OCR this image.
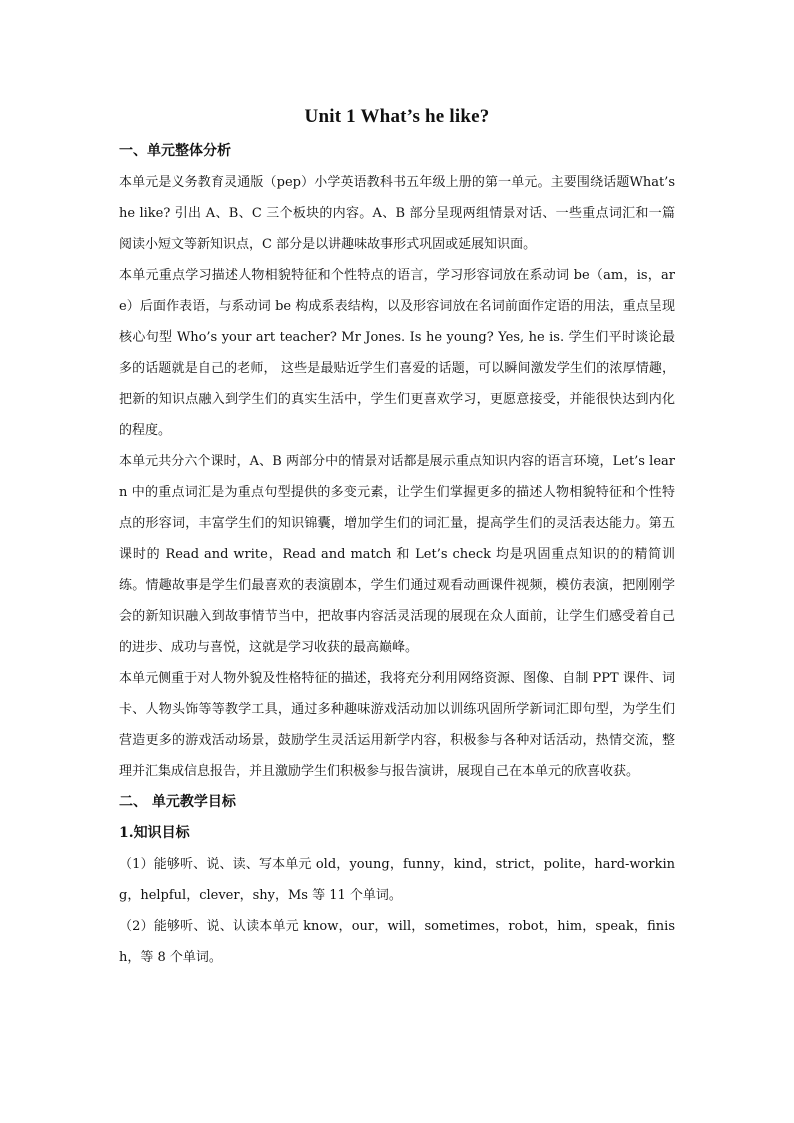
Unit 1 What’s he like?

一、单元整体分析

本单元是义务教育灵通版（pep）小学英语教科书五年级上册的第一单元。主要围绕话题What’s he like? 引出 A、B、C 三个板块的内容。A、B 部分呈现两组情景对话、一些重点词汇和一篇阅读小短文等新知识点，C 部分是以讲趣味故事形式巩固或延展知识面。

本单元重点学习描述人物相貌特征和个性特点的语言，学习形容词放在系动词 be（am，is，are）后面作表语，与系动词 be 构成系表结构，以及形容词放在名词前面作定语的用法，重点呈现核心句型 Who’s your art teacher? Mr Jones. Is he young? Yes, he is. 学生们平时谈论最多的话题就是自己的老师， 这些是最贴近学生们喜爱的话题，可以瞬间激发学生们的浓厚情趣，把新的知识点融入到学生们的真实生活中，学生们更喜欢学习，更愿意接受，并能很快达到内化的程度。

本单元共分六个课时，A、B 两部分中的情景对话都是展示重点知识内容的语言环境，Let’s learn 中的重点词汇是为重点句型提供的多变元素，让学生们掌握更多的描述人物相貌特征和个性特点的形容词，丰富学生们的知识锦囊，增加学生们的词汇量，提高学生们的灵活表达能力。第五课时的 Read and write，Read and match 和 Let’s check 均是巩固重点知识的的精简训练。情趣故事是学生们最喜欢的表演剧本，学生们通过观看动画课件视频，模仿表演，把刚刚学会的新知识融入到故事情节当中，把故事内容活灵活现的展现在众人面前，让学生们感受着自己的进步、成功与喜悦，这就是学习收获的最高巅峰。

本单元侧重于对人物外貌及性格特征的描述，我将充分利用网络资源、图像、自制 PPT 课件、词卡、人物头饰等等教学工具，通过多种趣味游戏活动加以训练巩固所学新词汇即句型，为学生们营造更多的游戏活动场景，鼓励学生灵活运用新学内容，积极参与各种对话活动，热情交流，整理并汇集成信息报告，并且激励学生们积极参与报告演讲，展现自己在本单元的欣喜收获。

二、 单元教学目标

1.知识目标

（1）能够听、说、读、写本单元 old，young，funny，kind，strict，polite，hard-working，helpful，clever，shy，Ms 等 11 个单词。

（2）能够听、说、认读本单元 know，our，will，sometimes，robot，him，speak，finish，等 8 个单词。
